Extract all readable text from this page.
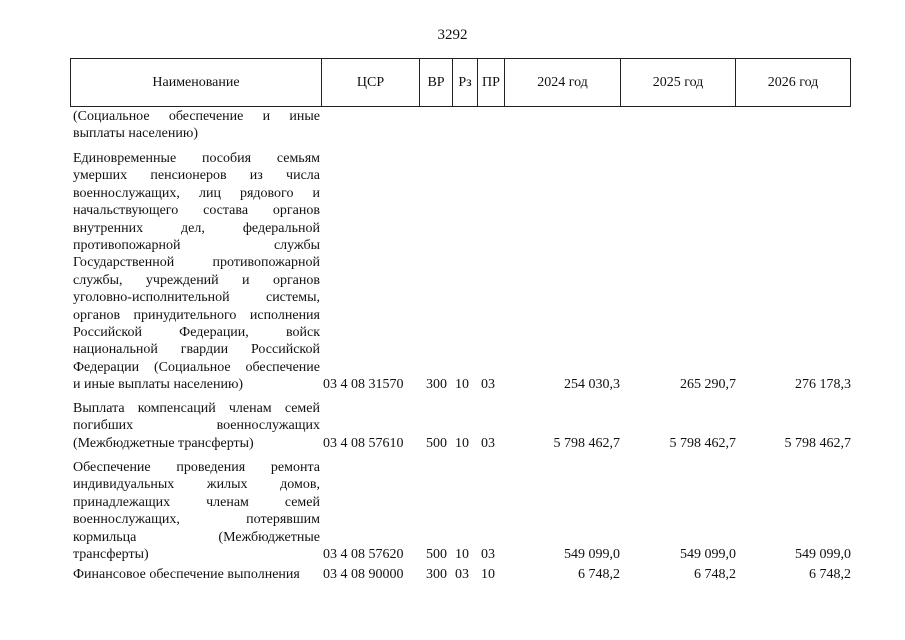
3292
Наименование	ЦСР	ВР Рз ПР	2024 год	2025 год	2026 год
(Социальное обеспечение и иные
выплаты населению)
Единовременные пособия семьям
умерших пенсионеров из числа
военнослужащих, лиц рядового и
начальствующего состава органов
внутренних дел, федеральной
противопожарной службы
Государственной противопожарной
службы, учреждений и органов
уголовно-исполнительной системы,
органов принудительного исполнения
Российской Федерации, войск
национальной гвардии Российской
Федерации (Социальное обеспечение
и иные выплаты населению)	03 4 08 31570 300 10 03	254 030,3	265 290,7	276 178,3
Выплата компенсаций членам семей
погибших военнослужащих
(Межбюджетные трансферты)	03 4 08 57610 500 10 03	5 798 462,7	5 798 462,7	5 798 462,7
Обеспечение проведения ремонта
индивидуальных жилых домов,
принадлежащих членам семей
военнослужащих, потерявшим
кормильца (Межбюджетные
трансферты)	03 4 08 57620 500 10 03	549 099,0	549 099,0	549 099,0
Финансовое обеспечение выполнения	03 4 08 90000 300 03 10	6 748,2	6 748,2	6 748,2
